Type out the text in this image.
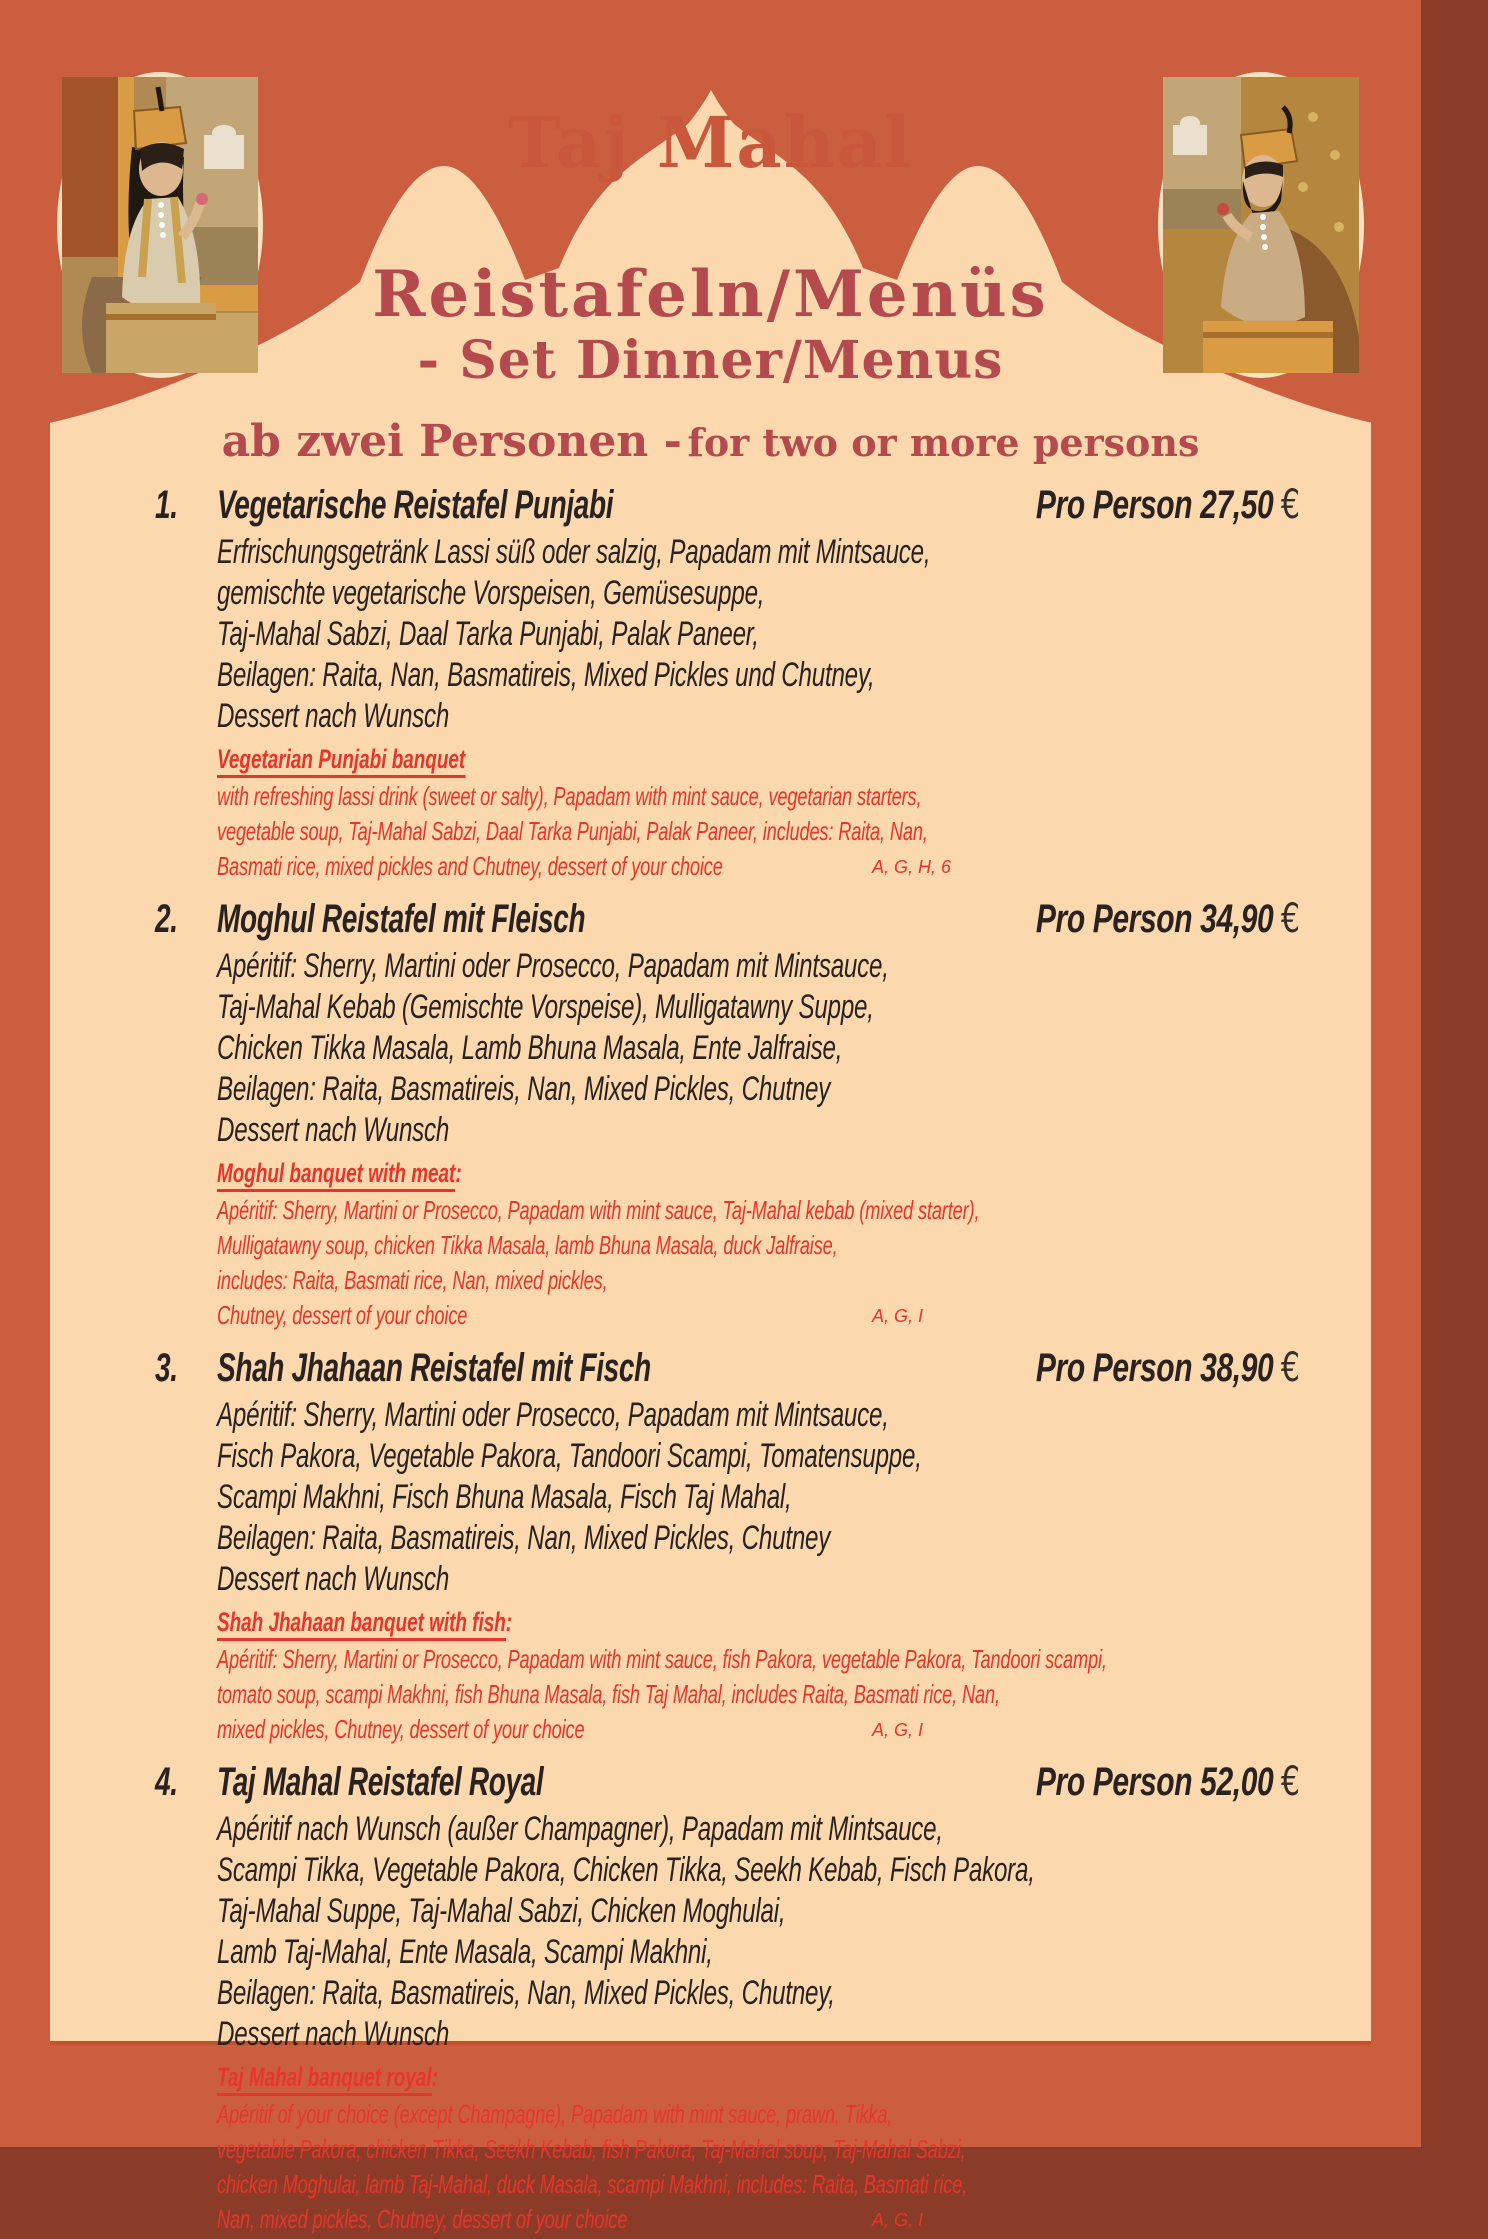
Taj Mahal
Reistafeln/Menüs
- Set Dinner/Menus
ab zwei Personen - for two or more persons
1. Vegetarische Reistafel Punjabi	Pro Person 27,50 €
Erfrischungsgetränk Lassi süß oder salzig, Papadam mit Mintsauce,
gemischte vegetarische Vorspeisen, Gemüsesuppe,
Taj-Mahal Sabzi, Daal Tarka Punjabi, Palak Paneer,
Beilagen: Raita, Nan, Basmatireis, Mixed Pickles und Chutney,
Dessert nach Wunsch
Vegetarian Punjabi banquet
with refreshing lassi drink (sweet or salty), Papadam with mint sauce, vegetarian starters,
vegetable soup, Taj-Mahal Sabzi, Daal Tarka Punjabi, Palak Paneer, includes: Raita, Nan,
Basmati rice, mixed pickles and Chutney, dessert of your choice	A, G, H, 6
2. Moghul Reistafel mit Fleisch	Pro Person 34,90 €
Apéritif: Sherry, Martini oder Prosecco, Papadam mit Mintsauce,
Taj-Mahal Kebab (Gemischte Vorspeise), Mulligatawny Suppe,
Chicken Tikka Masala, Lamb Bhuna Masala, Ente Jalfraise,
Beilagen: Raita, Basmatireis, Nan, Mixed Pickles, Chutney
Dessert nach Wunsch
Moghul banquet with meat:
Apéritif: Sherry, Martini or Prosecco, Papadam with mint sauce, Taj-Mahal kebab (mixed starter),
Mulligatawny soup, chicken Tikka Masala, lamb Bhuna Masala, duck Jalfraise,
includes: Raita, Basmati rice, Nan, mixed pickles,
Chutney, dessert of your choice	A, G, I
3. Shah Jhahaan Reistafel mit Fisch	Pro Person 38,90 €
Apéritif: Sherry, Martini oder Prosecco, Papadam mit Mintsauce,
Fisch Pakora, Vegetable Pakora, Tandoori Scampi, Tomatensuppe,
Scampi Makhni, Fisch Bhuna Masala, Fisch Taj Mahal,
Beilagen: Raita, Basmatireis, Nan, Mixed Pickles, Chutney
Dessert nach Wunsch
Shah Jhahaan banquet with fish:
Apéritif: Sherry, Martini or Prosecco, Papadam with mint sauce, fish Pakora, vegetable Pakora, Tandoori scampi,
tomato soup, scampi Makhni, fish Bhuna Masala, fish Taj Mahal, includes Raita, Basmati rice, Nan,
mixed pickles, Chutney, dessert of your choice	A, G, I
4. Taj Mahal Reistafel Royal	Pro Person 52,00 €
Apéritif nach Wunsch (außer Champagner), Papadam mit Mintsauce,
Scampi Tikka, Vegetable Pakora, Chicken Tikka, Seekh Kebab, Fisch Pakora,
Taj-Mahal Suppe, Taj-Mahal Sabzi, Chicken Moghulai,
Lamb Taj-Mahal, Ente Masala, Scampi Makhni,
Beilagen: Raita, Basmatireis, Nan, Mixed Pickles, Chutney,
Dessert nach Wunsch
Taj Mahal banquet royal:
Apéritif of your choice (except Champagne), Papadam with mint sauce, prawn, Tikka,
vegetable Pakora, chicken Tikka, Seekh Kebab, fish Pakora, Taj-Mahal soup, Taj-Mahal Sabzi,
chicken Moghulai, lamb Taj-Mahal, duck Masala, scampi Makhni, includes: Raita, Basmati rice,
Nan, mixed pickles, Chutney, dessert of your choice	A, G, I
